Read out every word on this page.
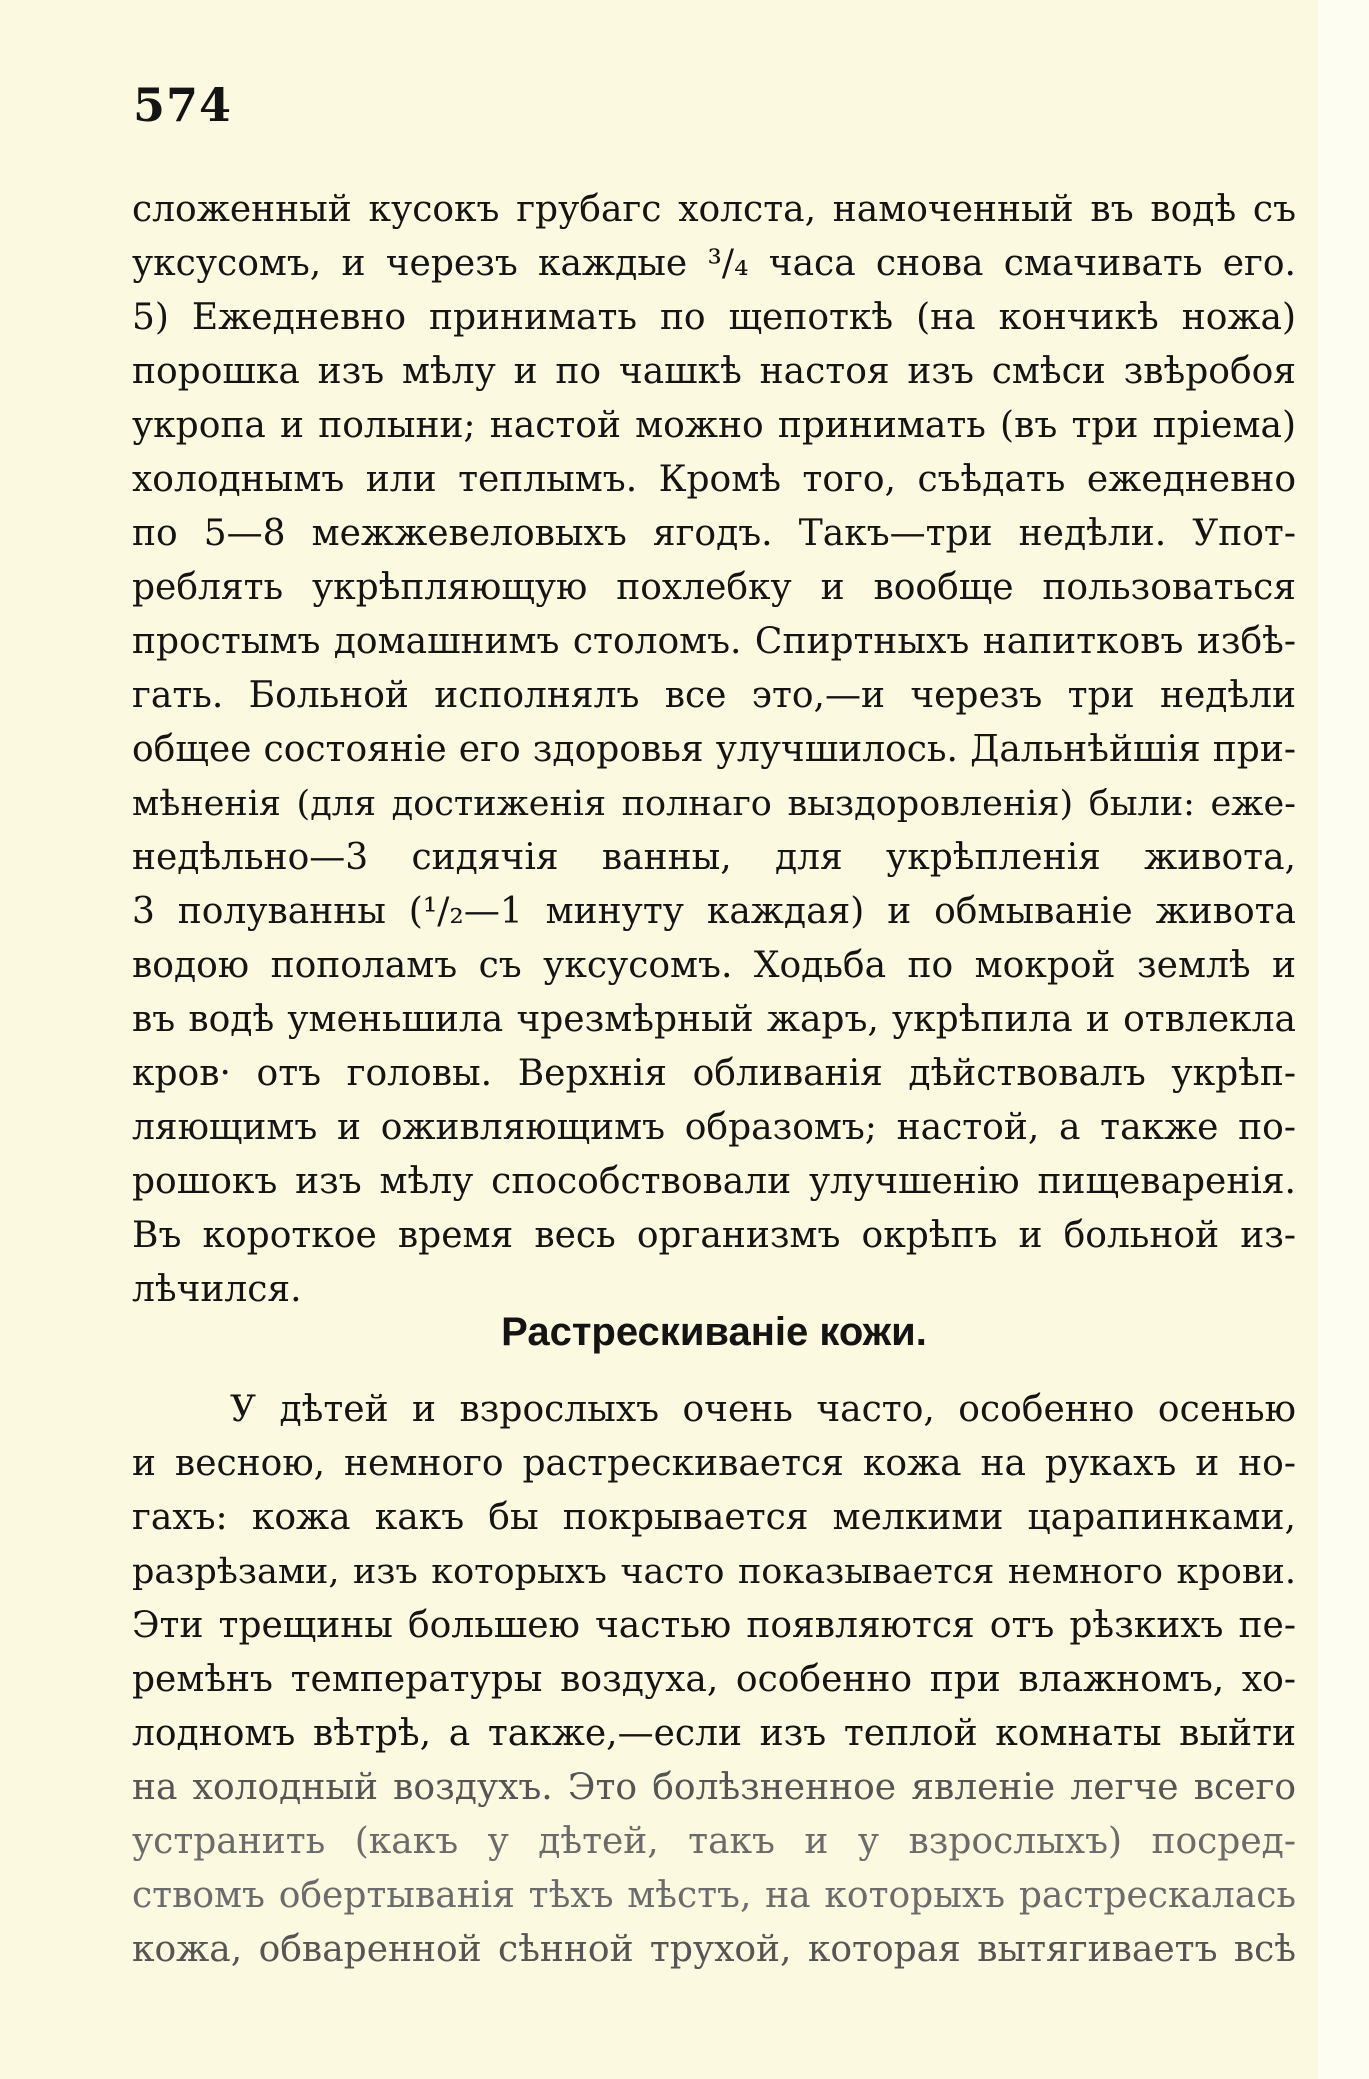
574
сложенный кусокъ грубагс холста, намоченный въ водѣ съ
уксусомъ, и черезъ каждые ³/₄ часа снова смачивать его.
5) Ежедневно принимать по щепоткѣ (на кончикѣ ножа)
порошка изъ мѣлу и по чашкѣ настоя изъ смѣси звѣробоя
укропа и полыни; настой можно принимать (въ три пріема)
холоднымъ или теплымъ. Кромѣ того, съѣдать ежедневно
по 5—8 межжевеловыхъ ягодъ. Такъ—три недѣли. Упот-
реблять укрѣпляющую похлебку и вообще пользоваться
простымъ домашнимъ столомъ. Спиртныхъ напитковъ избѣ-
гать. Больной исполнялъ все это,—и черезъ три недѣли
общее состояніе его здоровья улучшилось. Дальнѣйшія при-
мѣненія (для достиженія полнаго выздоровленія) были: еже-
недѣльно—3 сидячія ванны, для укрѣпленія живота,
3 полуванны (¹/₂—1 минуту каждая) и обмываніе живота
водою пополамъ съ уксусомъ. Ходьба по мокрой землѣ и
въ водѣ уменьшила чрезмѣрный жаръ, укрѣпила и отвлекла
кров· отъ головы. Верхнія обливанія дѣйствовалъ укрѣп-
ляющимъ и оживляющимъ образомъ; настой, а также по-
рошокъ изъ мѣлу способствовали улучшенію пищеваренія.
Въ короткое время весь организмъ окрѣпъ и больной из-
лѣчился.
Растрескиваніе кожи.
У дѣтей и взрослыхъ очень часто, особенно осенью
и весною, немного растрескивается кожа на рукахъ и но-
гахъ: кожа какъ бы покрывается мелкими царапинками,
разрѣзами, изъ которыхъ часто показывается немного крови.
Эти трещины большею частью появляются отъ рѣзкихъ пе-
ремѣнъ температуры воздуха, особенно при влажномъ, хо-
лодномъ вѣтрѣ, а также,—если изъ теплой комнаты выйти
на холодный воздухъ. Это болѣзненное явленіе легче всего
устранить (какъ у дѣтей, такъ и у взрослыхъ) посред-
ствомъ обертыванія тѣхъ мѣстъ, на которыхъ растрескалась
кожа, обваренной сѣнной трухой, которая вытягиваетъ всѣ
